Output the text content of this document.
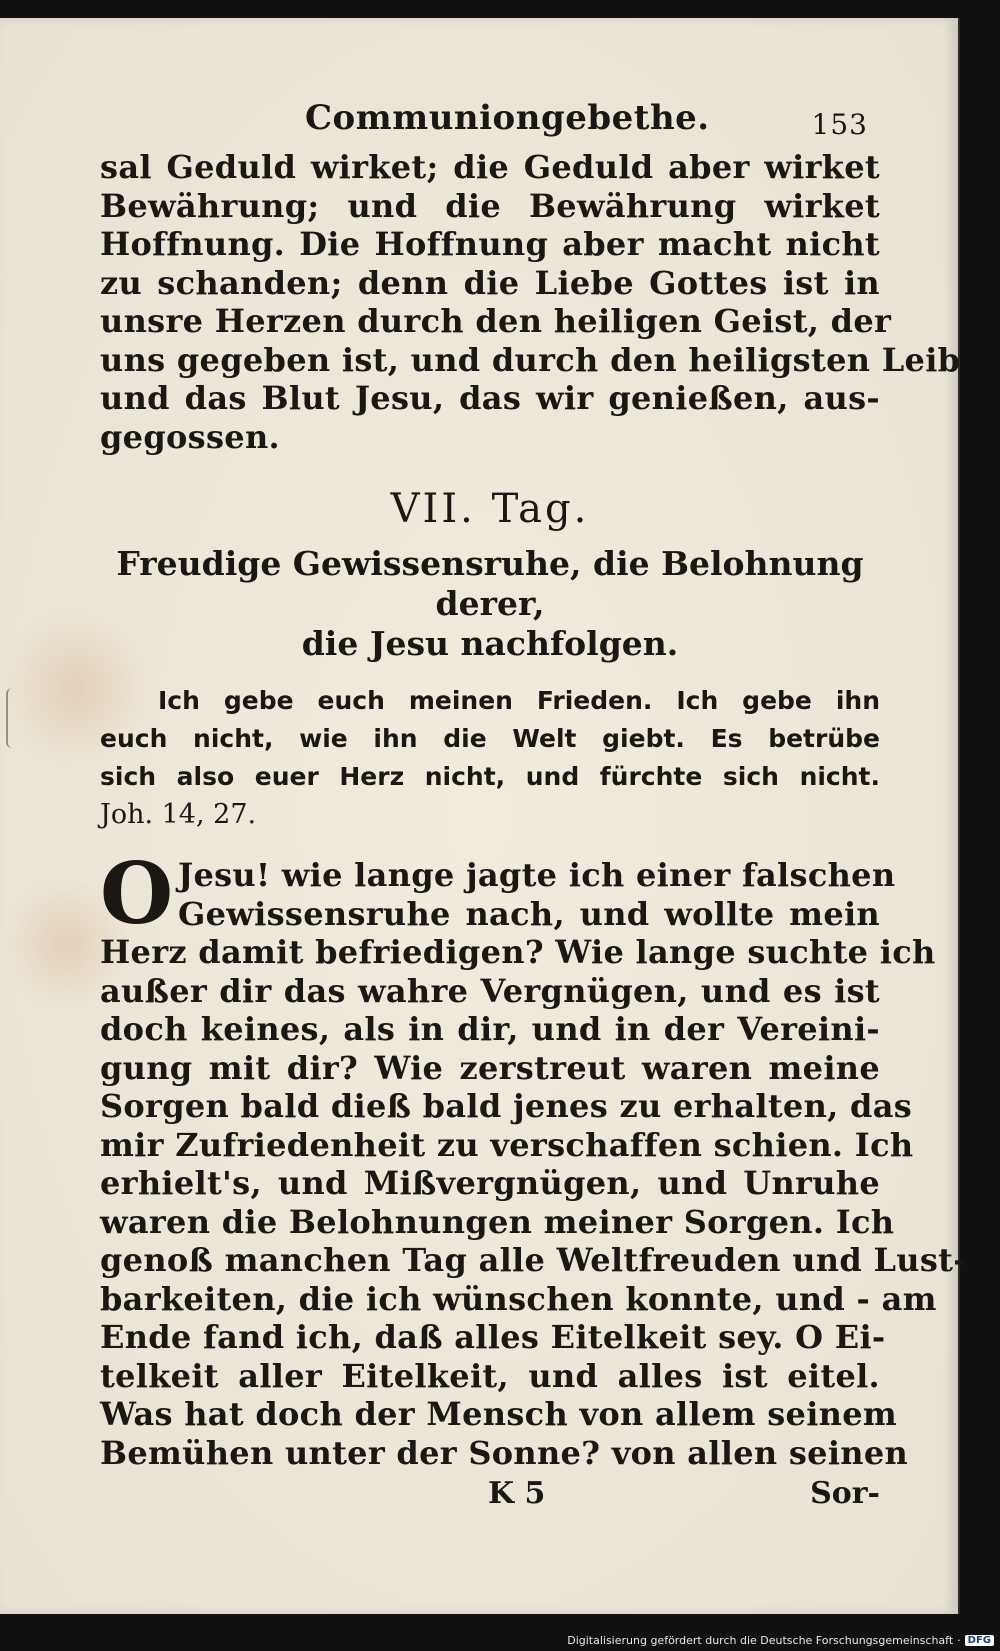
Communiongebethe.	153

sal Geduld wirket; die Geduld aber wirket
Bewährung; und die Bewährung wirket
Hoffnung. Die Hoffnung aber macht nicht
zu schanden; denn die Liebe Gottes ist in
unsre Herzen durch den heiligen Geist, der
uns gegeben ist, und durch den heiligsten Leib
und das Blut Jesu, das wir genießen, aus-
gegossen.

VII. Tag.
Freudige Gewissensruhe, die Belohnung derer,
die Jesu nachfolgen.
Ich gebe euch meinen Frieden. Ich gebe ihn
euch nicht, wie ihn die Welt giebt. Es betrübe
sich also euer Herz nicht, und fürchte sich nicht.
Joh. 14, 27.
O Jesu! wie lange jagte ich einer falschen
Gewissensruhe nach, und wollte mein
Herz damit befriedigen? Wie lange suchte ich
außer dir das wahre Vergnügen, und es ist
doch keines, als in dir, und in der Vereini-
gung mit dir? Wie zerstreut waren meine
Sorgen bald dieß bald jenes zu erhalten, das
mir Zufriedenheit zu verschaffen schien. Ich
erhielt's, und Mißvergnügen, und Unruhe
waren die Belohnungen meiner Sorgen. Ich
genoß manchen Tag alle Weltfreuden und Lust-
barkeiten, die ich wünschen konnte, und - am
Ende fand ich, daß alles Eitelkeit sey. O Ei-
telkeit aller Eitelkeit, und alles ist eitel.
Was hat doch der Mensch von allem seinem
Bemühen unter der Sonne? von allen seinen

K 5	Sor-
Digitalisierung gefördert durch die Deutsche Forschungsgemeinschaft · DFG
